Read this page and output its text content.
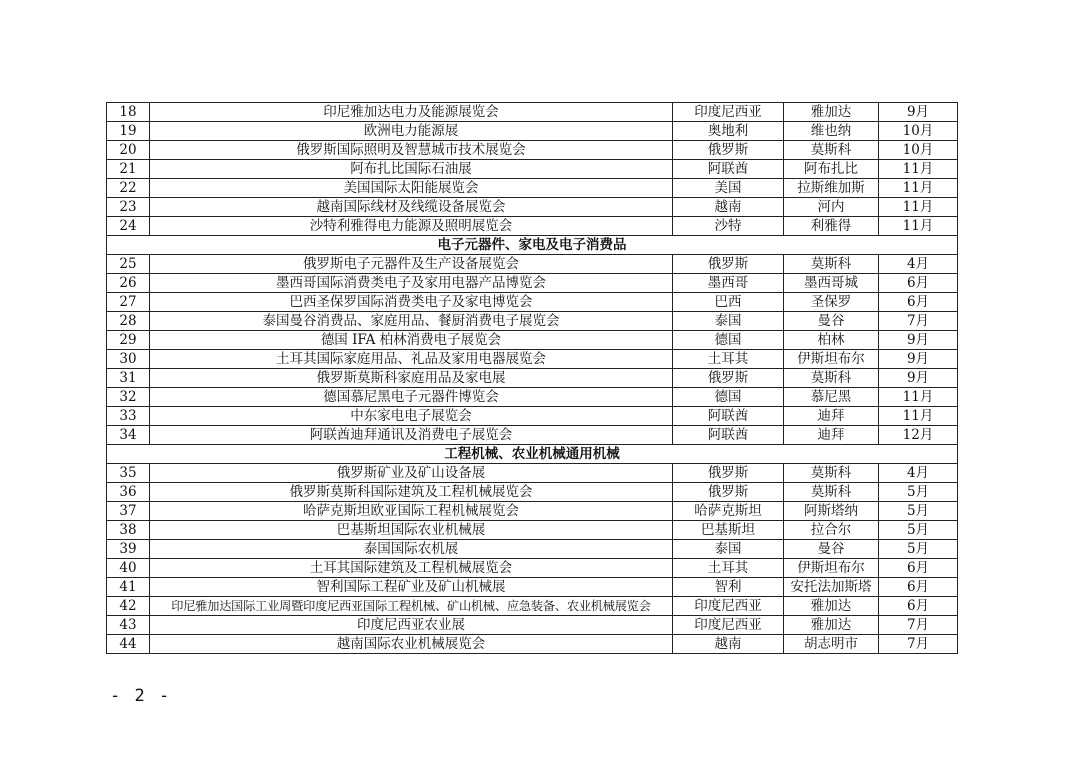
18	印尼雅加达电力及能源展览会	印度尼西亚	雅加达	9月
19	欧洲电力能源展	奥地利	维也纳	10月
20	俄罗斯国际照明及智慧城市技术展览会	俄罗斯	莫斯科	10月
21	阿布扎比国际石油展	阿联酋	阿布扎比	11月
22	美国国际太阳能展览会	美国	拉斯维加斯	11月
23	越南国际线材及线缆设备展览会	越南	河内	11月
24	沙特利雅得电力能源及照明展览会	沙特	利雅得	11月
电子元器件、家电及电子消费品				
25	俄罗斯电子元器件及生产设备展览会	俄罗斯	莫斯科	4月
26	墨西哥国际消费类电子及家用电器产品博览会	墨西哥	墨西哥城	6月
27	巴西圣保罗国际消费类电子及家电博览会	巴西	圣保罗	6月
28	泰国曼谷消费品、家庭用品、餐厨消费电子展览会	泰国	曼谷	7月
29	德国 IFA 柏林消费电子展览会	德国	柏林	9月
30	土耳其国际家庭用品、礼品及家用电器展览会	土耳其	伊斯坦布尔	9月
31	俄罗斯莫斯科家庭用品及家电展	俄罗斯	莫斯科	9月
32	德国慕尼黑电子元器件博览会	德国	慕尼黑	11月
33	中东家电电子展览会	阿联酋	迪拜	11月
34	阿联酋迪拜通讯及消费电子展览会	阿联酋	迪拜	12月
工程机械、农业机械通用机械				
35	俄罗斯矿业及矿山设备展	俄罗斯	莫斯科	4月
36	俄罗斯莫斯科国际建筑及工程机械展览会	俄罗斯	莫斯科	5月
37	哈萨克斯坦欧亚国际工程机械展览会	哈萨克斯坦	阿斯塔纳	5月
38	巴基斯坦国际农业机械展	巴基斯坦	拉合尔	5月
39	泰国国际农机展	泰国	曼谷	5月
40	土耳其国际建筑及工程机械展览会	土耳其	伊斯坦布尔	6月
41	智利国际工程矿业及矿山机械展	智利	安托法加斯塔	6月
42	印尼雅加达国际工业周暨印度尼西亚国际工程机械、矿山机械、应急装备、农业机械展览会	印度尼西亚	雅加达	6月
43	印度尼西亚农业展	印度尼西亚	雅加达	7月
44	越南国际农业机械展览会	越南	胡志明市	7月
- 2 -
